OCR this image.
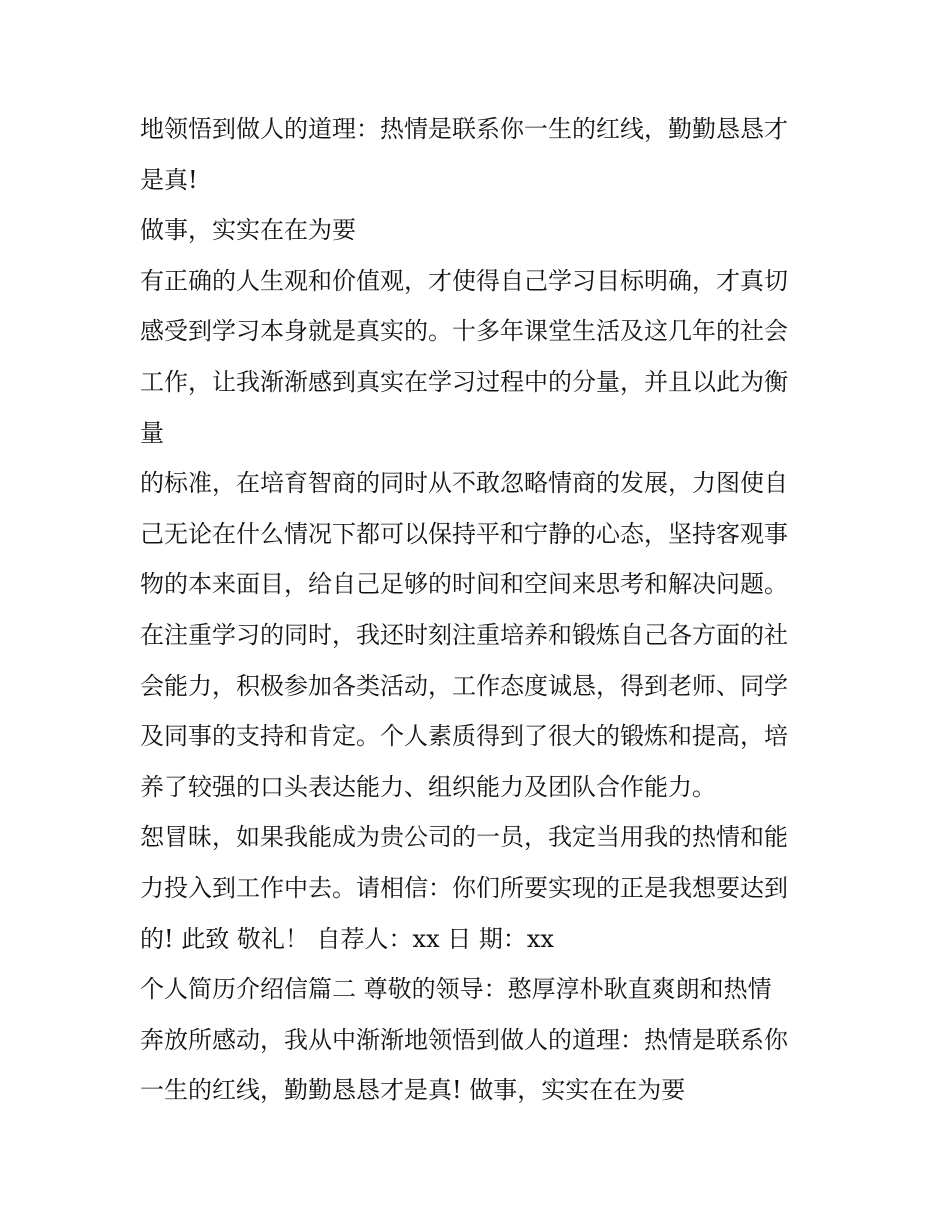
地领悟到做人的道理：热情是联系你一生的红线，勤勤恳恳才
是真!
做事，实实在在为要
有正确的人生观和价值观，才使得自己学习目标明确，才真切
感受到学习本身就是真实的。十多年课堂生活及这几年的社会
工作，让我渐渐感到真实在学习过程中的分量，并且以此为衡
量
的标准，在培育智商的同时从不敢忽略情商的发展，力图使自
己无论在什么情况下都可以保持平和宁静的心态，坚持客观事
物的本来面目，给自己足够的时间和空间来思考和解决问题。
在注重学习的同时，我还时刻注重培养和锻炼自己各方面的社
会能力，积极参加各类活动，工作态度诚恳，得到老师、同学
及同事的支持和肯定。个人素质得到了很大的锻炼和提高，培
养了较强的口头表达能力、组织能力及团队合作能力。
恕冒昧，如果我能成为贵公司的一员，我定当用我的热情和能
力投入到工作中去。请相信：你们所要实现的正是我想要达到
的! 此致 敬礼！ 自荐人：xx 日 期：xx
个人简历介绍信篇二 尊敬的领导：憨厚淳朴耿直爽朗和热情
奔放所感动，我从中渐渐地领悟到做人的道理：热情是联系你
一生的红线，勤勤恳恳才是真! 做事，实实在在为要
